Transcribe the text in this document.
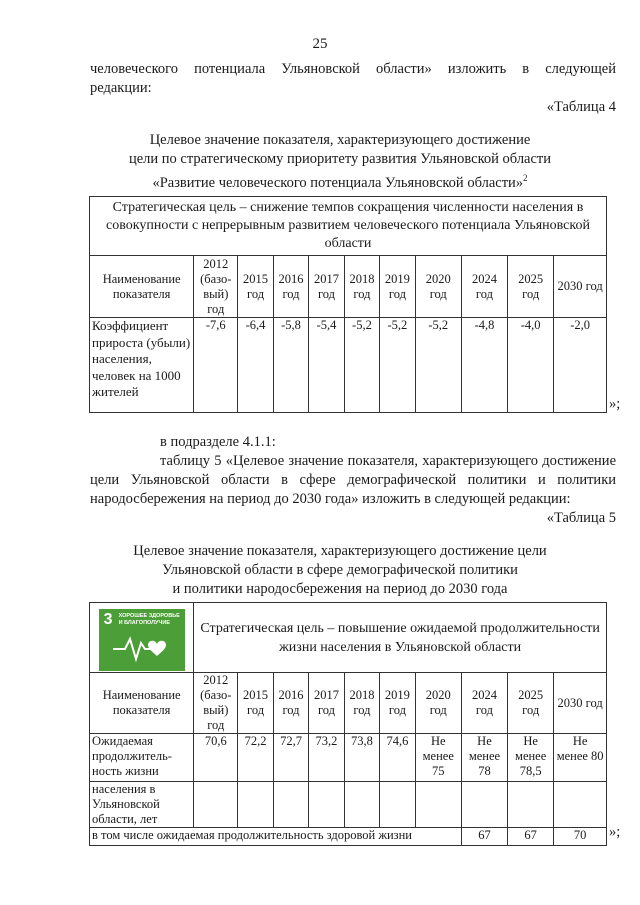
25
человеческого потенциала Ульяновской области» изложить в следующей
редакции:
«Таблица 4
Целевое значение показателя, характеризующего достижение
цели по стратегическому приоритету развития Ульяновской области
«Развитие человеческого потенциала Ульяновской области»$^2$
Стратегическая цель – снижение темпов сокращения численности населения в совокупности с непрерывным развитием человеческого потенциала Ульяновской области										
Наименование показателя	2012 (базо-вый) год	2015 год	2016 год	2017 год	2018 год	2019 год	2020 год	2024 год	2025 год	2030 год
Коэффициент прироста (убыли) населения, человек на 1000 жителей	-7,6	-6,4	-5,8	-5,4	-5,2	-5,2	-5,2	-4,8	-4,0	-2,0
»;
в подразделе 4.1.1:
таблицу 5 «Целевое значение показателя, характеризующего достижение
цели Ульяновской области в сфере демографической политики и политики
народосбережения на период до 2030 года» изложить в следующей редакции:
«Таблица 5
Целевое значение показателя, характеризующего достижение цели
Ульяновской области в сфере демографической политики
и политики народосбережения на период до 2030 года
3 ХОРОШЕЕ ЗДОРОВЬЕ И БЛАГОПОЛУЧИЕ	Стратегическая цель – повышение ожидаемой продолжительности жизни населения в Ульяновской области									
Наименование показателя	2012 (базо-вый) год	2015 год	2016 год	2017 год	2018 год	2019 год	2020 год	2024 год	2025 год	2030 год
Ожидаемая продолжитель-ность жизни	70,6	72,2	72,7	73,2	73,8	74,6	Не менее 75	Не менее 78	Не менее 78,5	Не менее 80
населения в Ульяновской области, лет										
в том числе ожидаемая продолжительность здоровой жизни								67	67	70 »;
